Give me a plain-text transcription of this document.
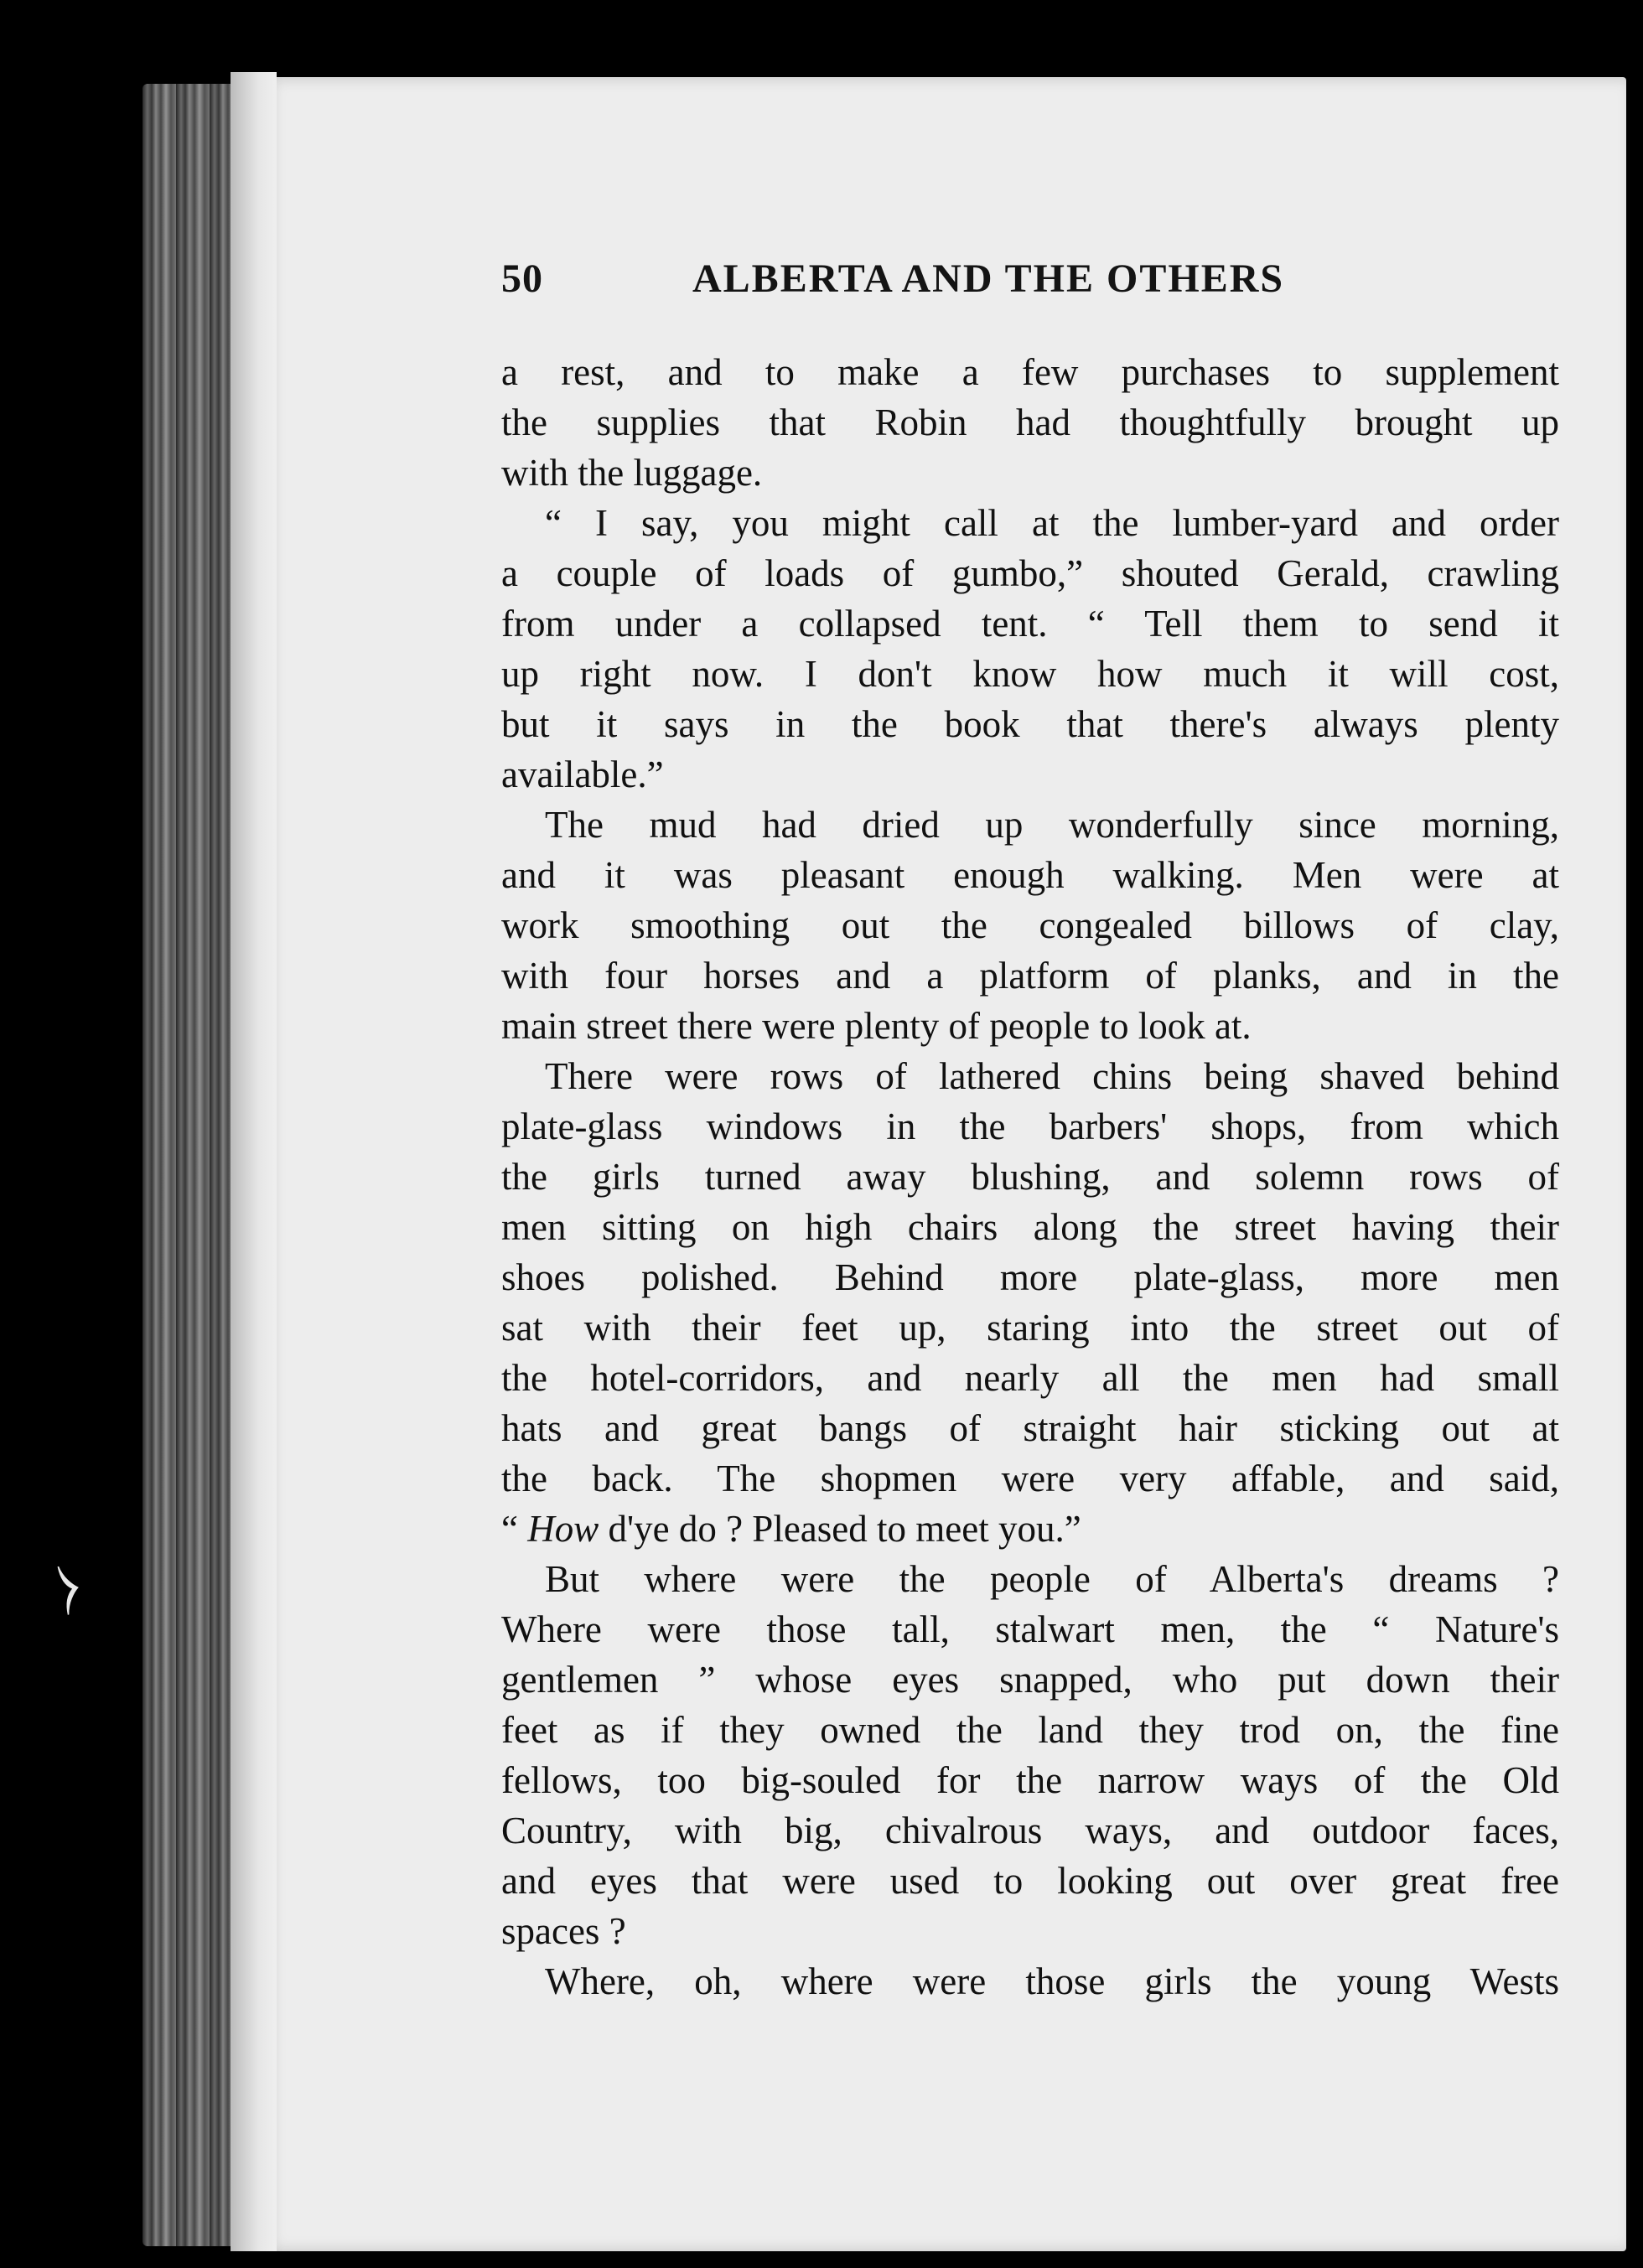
⧽
50	ALBERTA AND THE OTHERS
a rest, and to make a few purchases to supplement
the supplies that Robin had thoughtfully brought up
with the luggage.
“ I say, you might call at the lumber-yard and order
a couple of loads of gumbo,” shouted Gerald, crawling
from under a collapsed tent. “ Tell them to send it
up right now. I don't know how much it will cost,
but it says in the book that there's always plenty
available.”
The mud had dried up wonderfully since morning,
and it was pleasant enough walking. Men were at
work smoothing out the congealed billows of clay,
with four horses and a platform of planks, and in the
main street there were plenty of people to look at.
There were rows of lathered chins being shaved behind
plate-glass windows in the barbers' shops, from which
the girls turned away blushing, and solemn rows of
men sitting on high chairs along the street having their
shoes polished. Behind more plate-glass, more men
sat with their feet up, staring into the street out of
the hotel-corridors, and nearly all the men had small
hats and great bangs of straight hair sticking out at
the back. The shopmen were very affable, and said,
“ How d'ye do ? Pleased to meet you.”
But where were the people of Alberta's dreams ?
Where were those tall, stalwart men, the “ Nature's
gentlemen ” whose eyes snapped, who put down their
feet as if they owned the land they trod on, the fine
fellows, too big-souled for the narrow ways of the Old
Country, with big, chivalrous ways, and outdoor faces,
and eyes that were used to looking out over great free
spaces ?
Where, oh, where were those girls the young Wests
